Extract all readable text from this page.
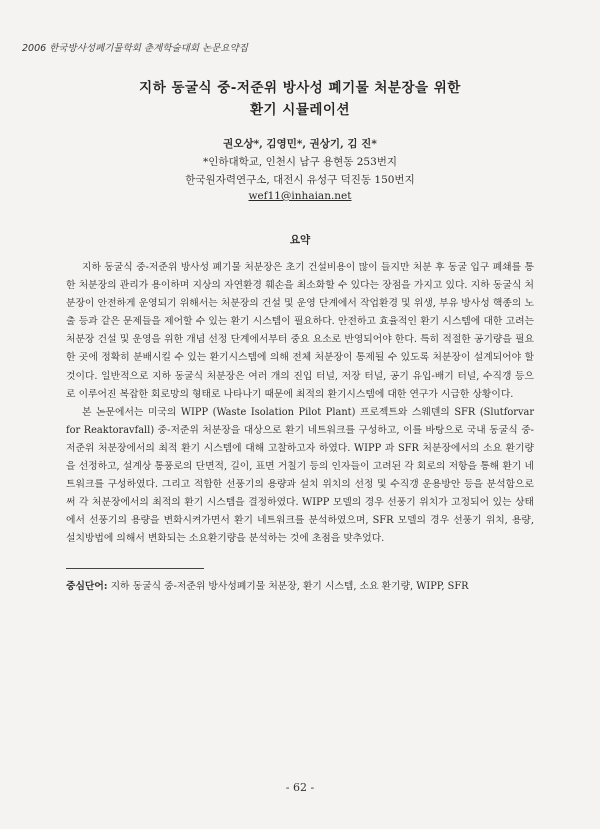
2006 한국방사성폐기물학회 춘계학술대회 논문요약집
지하 동굴식 중-저준위 방사성 폐기물 처분장을 위한
환기 시뮬레이션
권오상*, 김영민*, 권상기, 김 진*
*인하대학교, 인천시 남구 용현동 253번지
한국원자력연구소, 대전시 유성구 덕진동 150번지
wef11@inhaian.net
요약

지하 동굴식 중-저준위 방사성 폐기물 처분장은 초기 건설비용이 많이 들지만 처분 후 동굴 입구 폐쇄를 통한 처분장의 관리가 용이하며 지상의 자연환경 훼손을 최소화할 수 있다는 장점을 가지고 있다. 지하 동굴식 처분장이 안전하게 운영되기 위해서는 처분장의 건설 및 운영 단계에서 작업환경 및 위생, 부유 방사성 핵종의 노출 등과 같은 문제들을 제어할 수 있는 환기 시스템이 필요하다. 안전하고 효율적인 환기 시스템에 대한 고려는 처분장 건설 및 운영을 위한 개념 선정 단계에서부터 중요 요소로 반영되어야 한다. 특히 적절한 공기량을 필요한 곳에 정확히 분배시킬 수 있는 환기시스템에 의해 전체 처분장이 통제될 수 있도록 처분장이 설계되어야 할 것이다. 일반적으로 지하 동굴식 처분장은 여러 개의 진입 터널, 저장 터널, 공기 유입-배기 터널, 수직갱 등으로 이루어진 복잡한 회로망의 형태로 나타나기 때문에 최적의 환기시스템에 대한 연구가 시급한 상황이다.

본 논문에서는 미국의 WIPP (Waste Isolation Pilot Plant) 프로젝트와 스웨덴의 SFR (Slutforvar for Reaktoravfall) 중-저준위 처분장을 대상으로 환기 네트워크를 구성하고, 이를 바탕으로 국내 동굴식 중-저준위 처분장에서의 최적 환기 시스템에 대해 고찰하고자 하였다. WIPP 과 SFR 처분장에서의 소요 환기량을 선정하고, 설계상 통풍로의 단면적, 길이, 표면 거칠기 등의 인자들이 고려된 각 회로의 저항을 통해 환기 네트워크를 구성하였다. 그리고 적합한 선풍기의 용량과 설치 위치의 선정 및 수직갱 운용방안 등을 분석함으로써 각 처분장에서의 최적의 환기 시스템을 결정하였다. WIPP 모델의 경우 선풍기 위치가 고정되어 있는 상태에서 선풍기의 용량을 변화시켜가면서 환기 네트워크를 분석하였으며, SFR 모델의 경우 선풍기 위치, 용량, 설치방법에 의해서 변화되는 소요환기량을 분석하는 것에 초점을 맞추었다.

중심단어: 지하 동굴식 중-저준위 방사성폐기물 처분장, 환기 시스템, 소요 환기량, WIPP, SFR
- 62 -
